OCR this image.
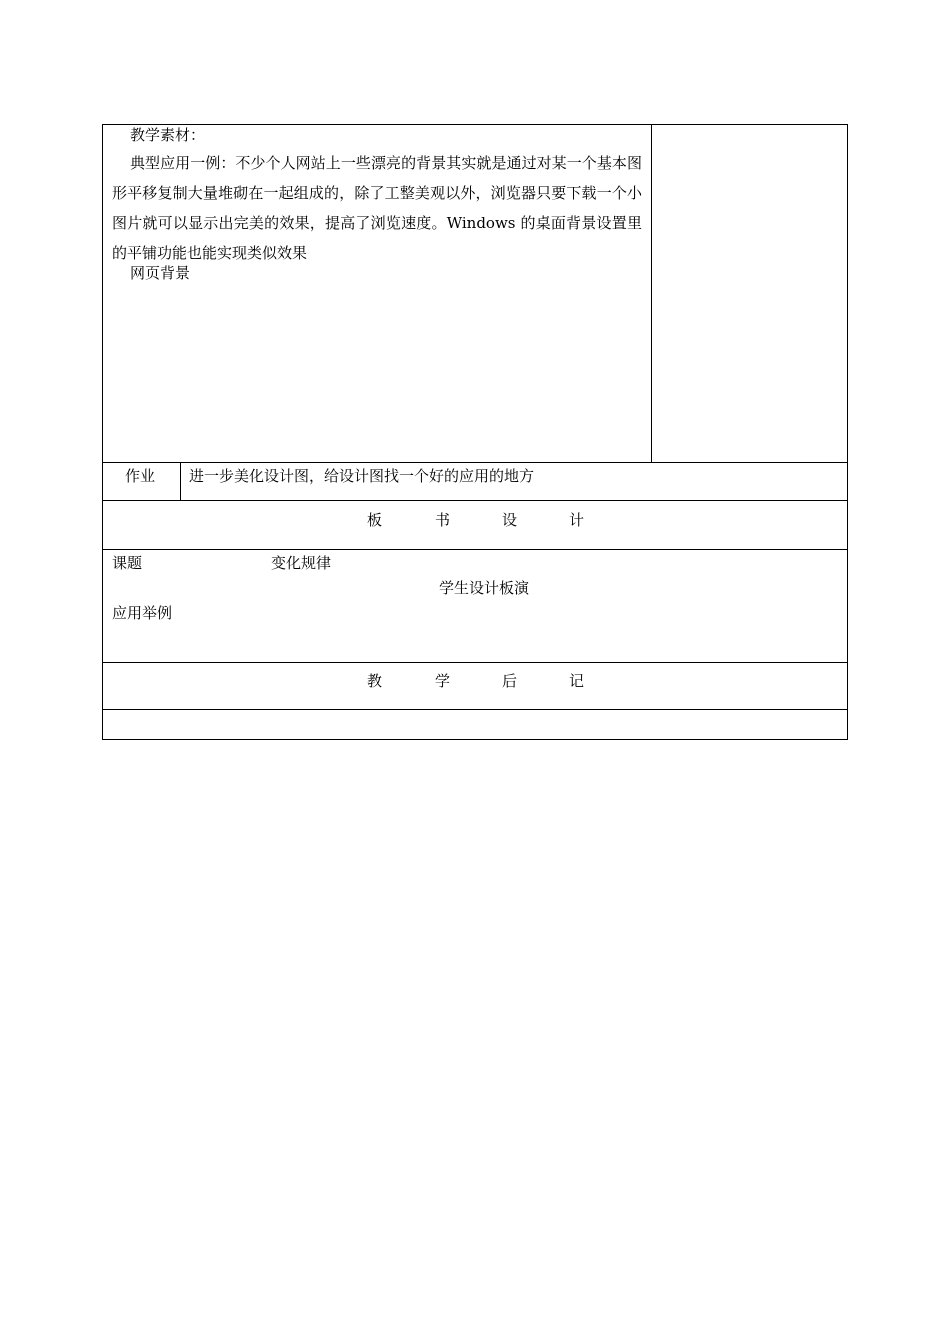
教学素材：
典型应用一例：不少个人网站上一些漂亮的背景其实就是通过对某一个基本图形平移复制大量堆砌在一起组成的，除了工整美观以外，浏览器只要下载一个小图片就可以显示出完美的效果，提高了浏览速度。Windows 的桌面背景设置里的平铺功能也能实现类似效果
网页背景
作业 进一步美化设计图，给设计图找一个好的应用的地方
板	书	设	计
课题	变化规律
学生设计板演
应用举例
教	学	后	记
